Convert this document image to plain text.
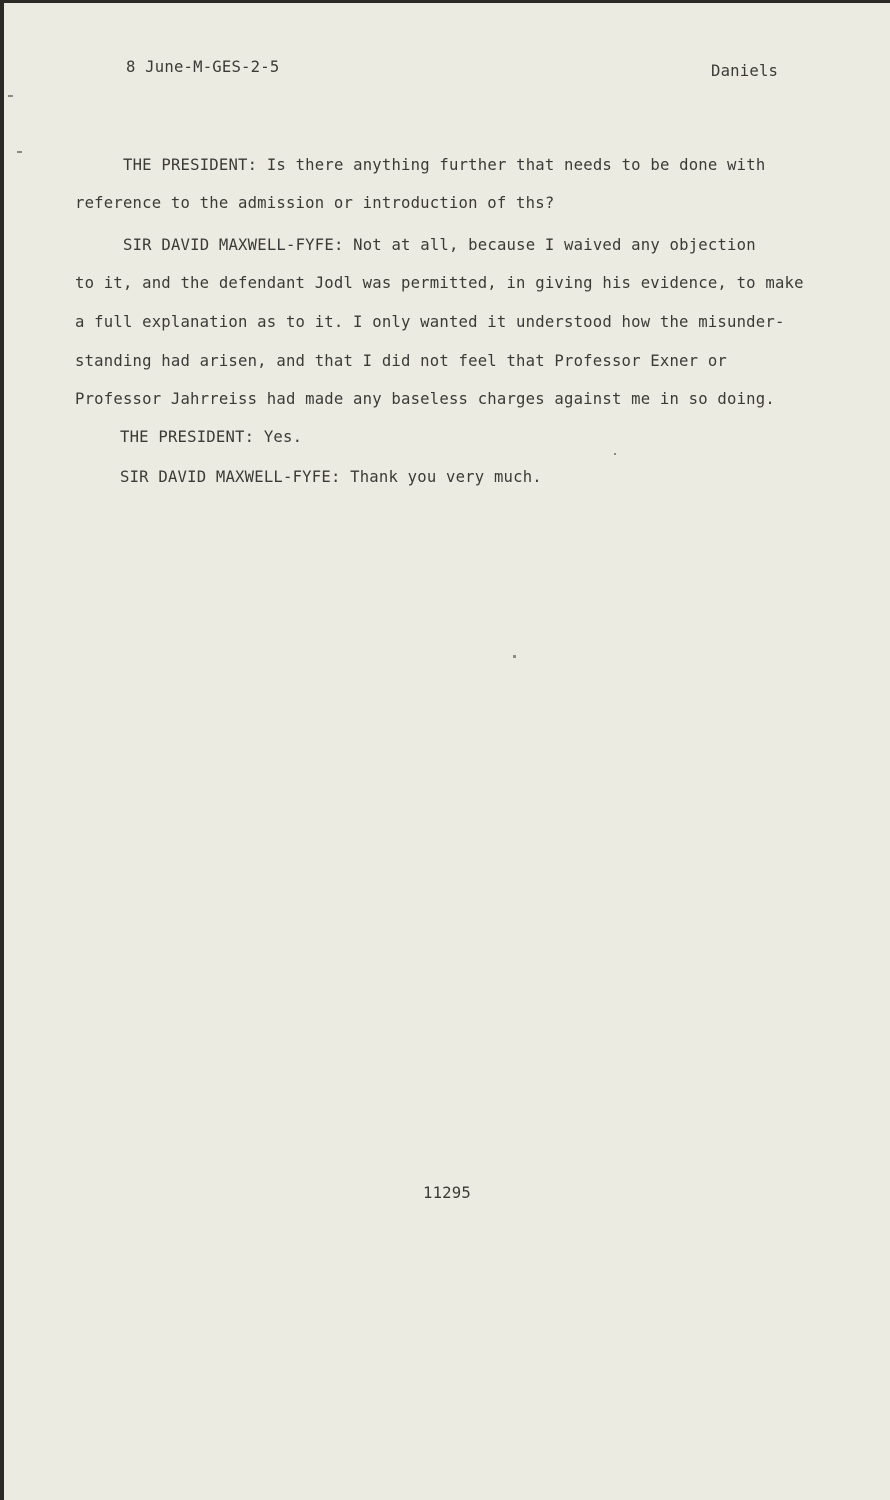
8 June-M-GES-2-5	Daniels
THE PRESIDENT: Is there anything further that needs to be done with
reference to the admission or introduction of ths?
SIR DAVID MAXWELL-FYFE: Not at all, because I waived any objection
to it, and the defendant Jodl was permitted, in giving his evidence, to make
a full explanation as to it. I only wanted it understood how the misunder-
standing had arisen, and that I did not feel that Professor Exner or
Professor Jahrreiss had made any baseless charges against me in so doing.
THE PRESIDENT: Yes.
SIR DAVID MAXWELL-FYFE: Thank you very much.
11295
